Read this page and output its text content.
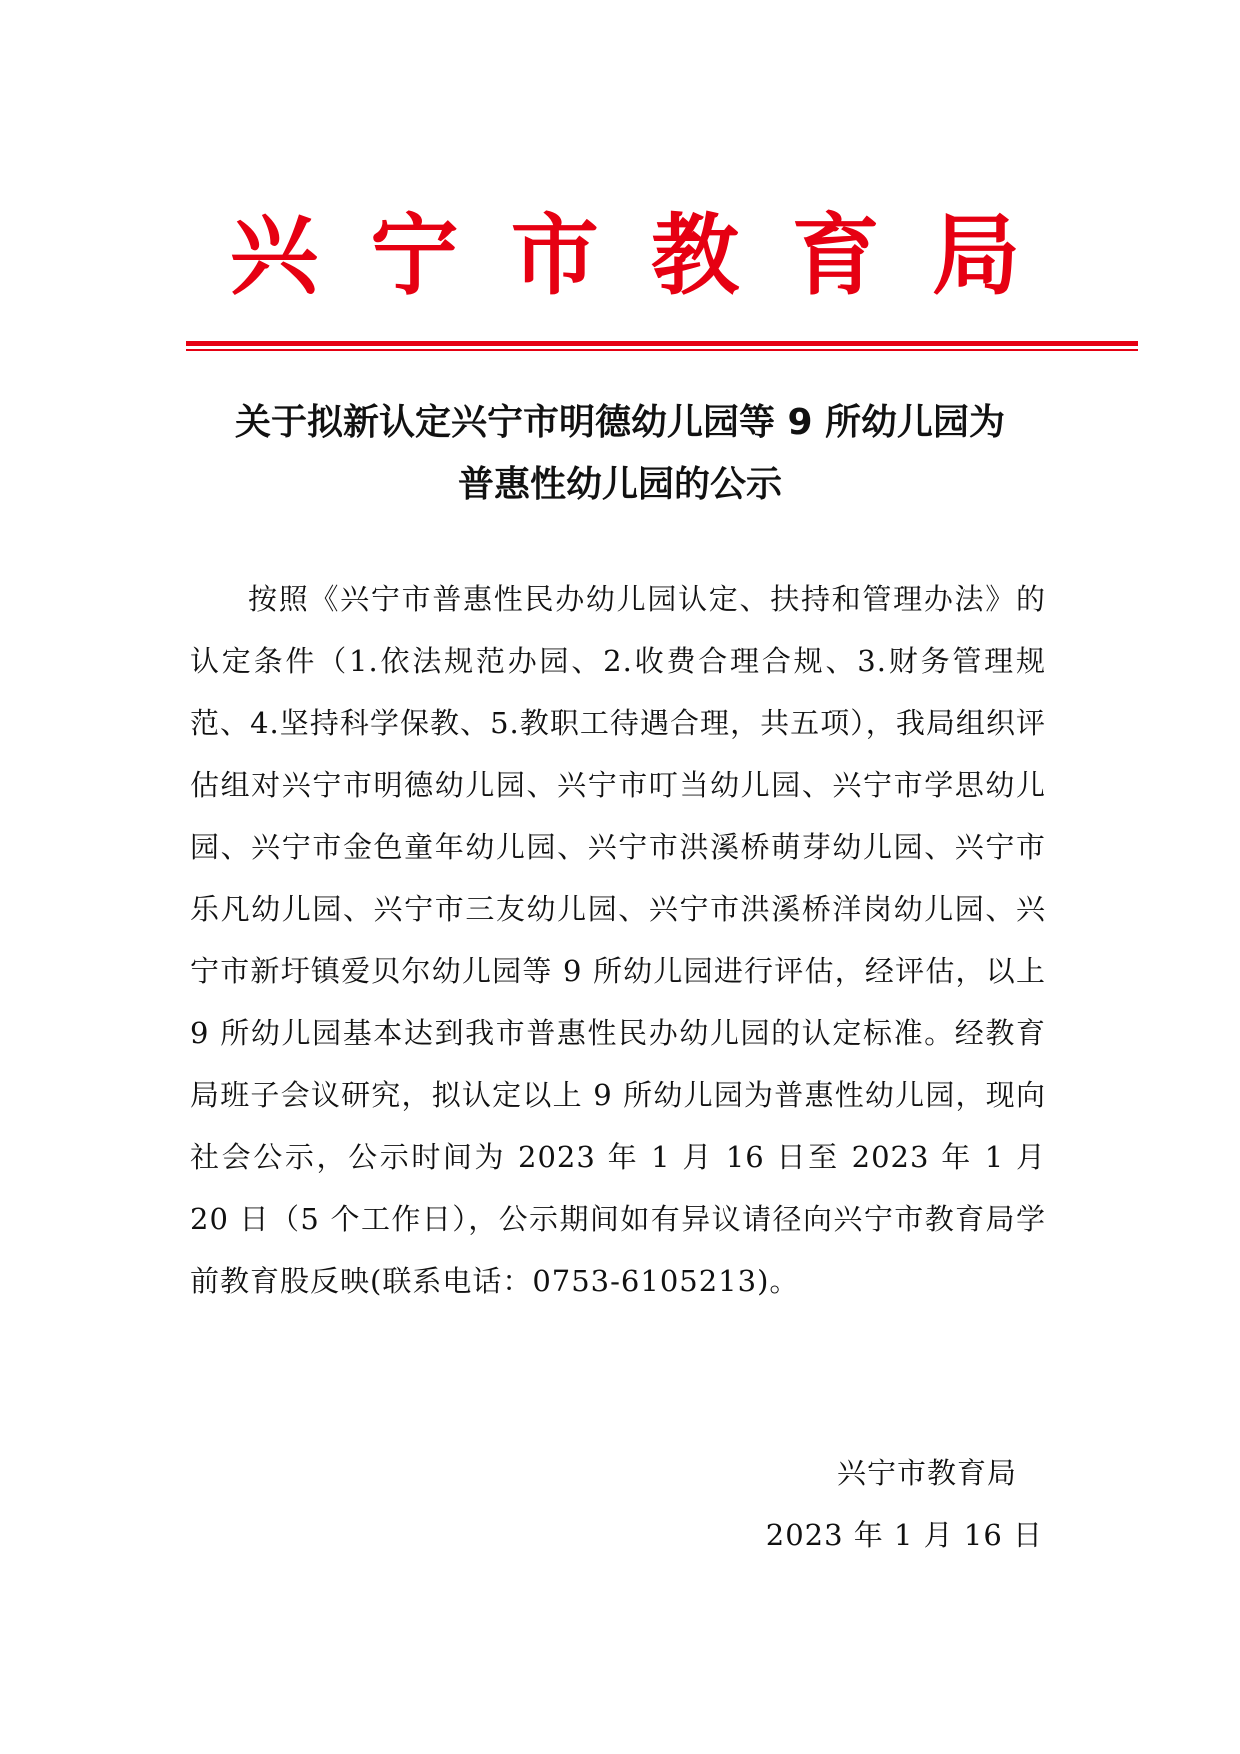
兴 宁 市 教 育 局
关于拟新认定兴宁市明德幼儿园等 9 所幼儿园为
普惠性幼儿园的公示
按照《兴宁市普惠性民办幼儿园认定、扶持和管理办法》的认定条件（1.依法规范办园、2.收费合理合规、3.财务管理规范、4.坚持科学保教、5.教职工待遇合理，共五项），我局组织评估组对兴宁市明德幼儿园、兴宁市叮当幼儿园、兴宁市学思幼儿园、兴宁市金色童年幼儿园、兴宁市洪溪桥萌芽幼儿园、兴宁市乐凡幼儿园、兴宁市三友幼儿园、兴宁市洪溪桥洋岗幼儿园、兴宁市新圩镇爱贝尔幼儿园等 9 所幼儿园进行评估，经评估，以上 9 所幼儿园基本达到我市普惠性民办幼儿园的认定标准。经教育局班子会议研究，拟认定以上 9 所幼儿园为普惠性幼儿园，现向社会公示，公示时间为 2023 年 1 月 16 日至 2023 年 1 月 20 日（5 个工作日），公示期间如有异议请径向兴宁市教育局学前教育股反映(联系电话：0753-6105213)。
兴宁市教育局
2023 年 1 月 16 日
